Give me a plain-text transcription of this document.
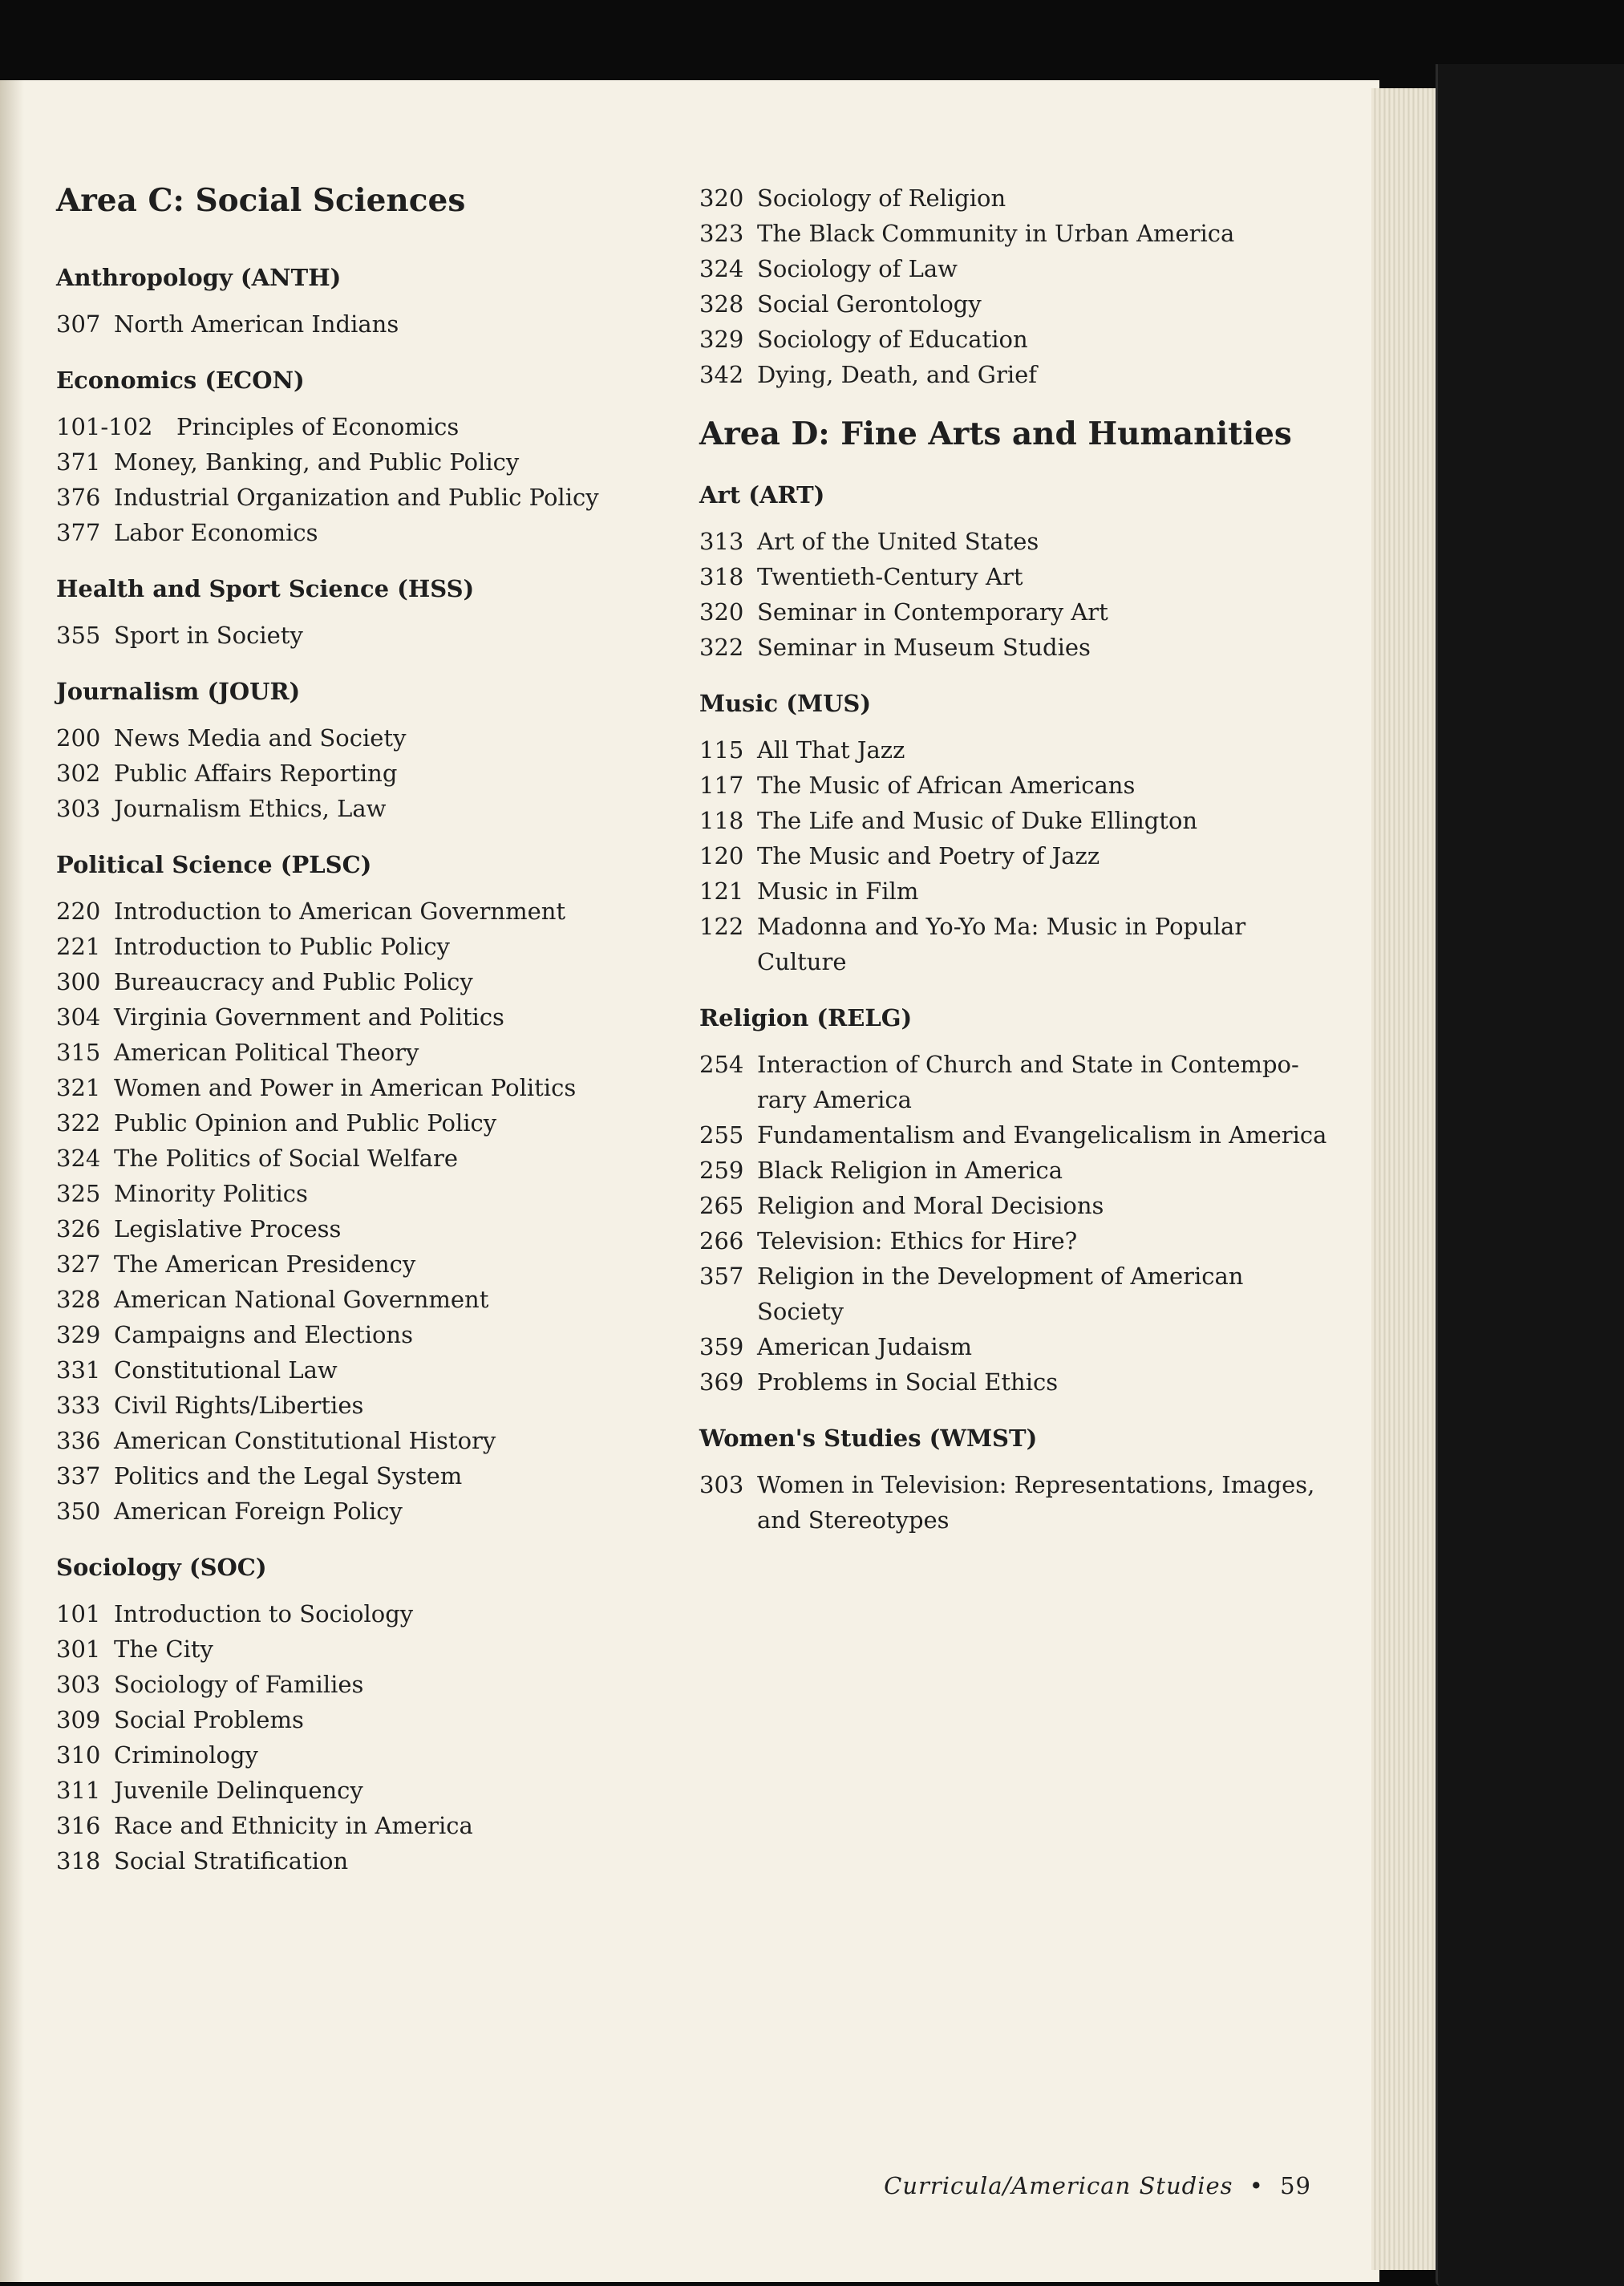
Area C: Social Sciences
Anthropology (ANTH)
307 North American Indians
Economics (ECON)
101-102	Principles of Economics
371 Money, Banking, and Public Policy
376 Industrial Organization and Public Policy
377 Labor Economics
Health and Sport Science (HSS)
355 Sport in Society
Journalism (JOUR)
200 News Media and Society
302 Public Affairs Reporting
303 Journalism Ethics, Law
Political Science (PLSC)
220 Introduction to American Government
221 Introduction to Public Policy
300 Bureaucracy and Public Policy
304 Virginia Government and Politics
315 American Political Theory
321 Women and Power in American Politics
322 Public Opinion and Public Policy
324 The Politics of Social Welfare
325 Minority Politics
326 Legislative Process
327 The American Presidency
328 American National Government
329 Campaigns and Elections
331 Constitutional Law
333 Civil Rights/Liberties
336 American Constitutional History
337 Politics and the Legal System
350 American Foreign Policy
Sociology (SOC)
101 Introduction to Sociology
301 The City
303 Sociology of Families
309 Social Problems
310 Criminology
311 Juvenile Delinquency
316 Race and Ethnicity in America
318 Social Stratification
320 Sociology of Religion
323 The Black Community in Urban America
324 Sociology of Law
328 Social Gerontology
329 Sociology of Education
342 Dying, Death, and Grief
Area D: Fine Arts and Humanities
Art (ART)
313 Art of the United States
318 Twentieth-Century Art
320 Seminar in Contemporary Art
322 Seminar in Museum Studies
Music (MUS)
115 All That Jazz
117 The Music of African Americans
118 The Life and Music of Duke Ellington
120 The Music and Poetry of Jazz
121 Music in Film
122 Madonna and Yo-Yo Ma: Music in Popular Culture
Religion (RELG)
254 Interaction of Church and State in Contempo- rary America
255 Fundamentalism and Evangelicalism in America
259 Black Religion in America
265 Religion and Moral Decisions
266 Television: Ethics for Hire?
357 Religion in the Development of American Society
359 American Judaism
369 Problems in Social Ethics
Women's Studies (WMST)
303 Women in Television: Representations, Images, and Stereotypes
Curricula/American Studies • 59
